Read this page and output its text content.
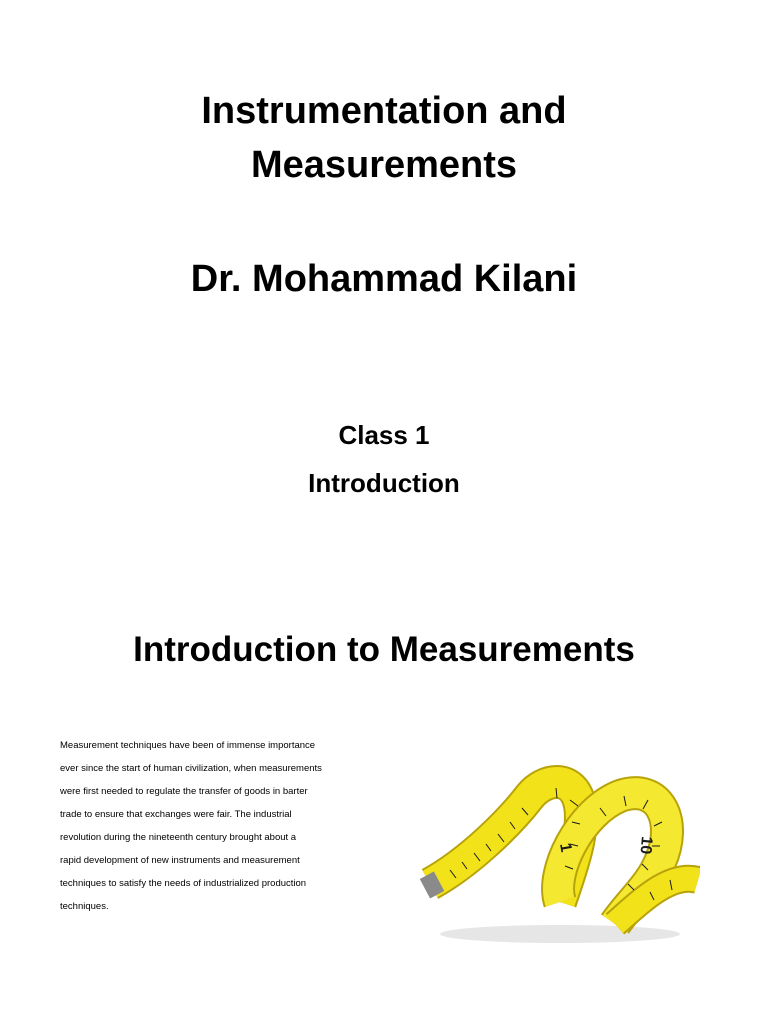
Instrumentation and
Measurements
Dr. Mohammad Kilani
Class 1
Introduction
Introduction to Measurements
Measurement techniques have been of immense importance
ever since the start of human civilization, when measurements
were first needed to regulate the transfer of goods in barter
trade to ensure that exchanges were fair. The industrial
revolution during the nineteenth century brought about a
rapid development of new instruments and measurement
techniques to satisfy the needs of industrialized production
techniques.
1	10
